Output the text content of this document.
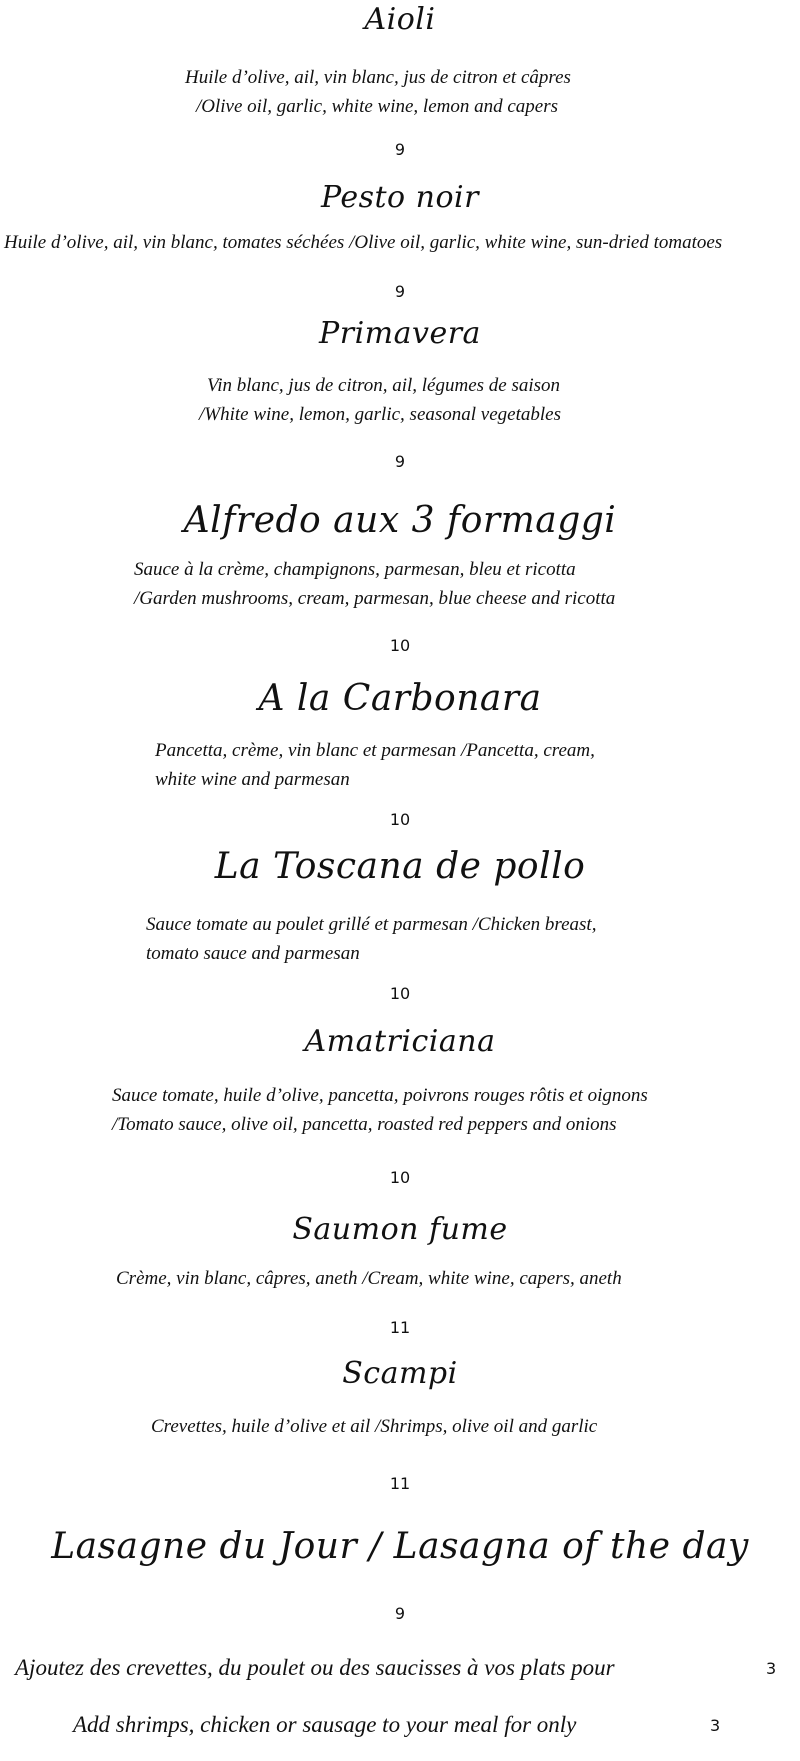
Aioli
Huile d’olive, ail, vin blanc, jus de citron et câpres
/Olive oil, garlic, white wine, lemon and capers
9
Pesto noir
Huile d’olive, ail, vin blanc, tomates séchées /Olive oil, garlic, white wine, sun-dried tomatoes
9
Primavera
Vin blanc, jus de citron, ail, légumes de saison
/White wine, lemon, garlic, seasonal vegetables
9
Alfredo aux 3 formaggi
Sauce à la crème, champignons, parmesan, bleu et ricotta
/Garden mushrooms, cream, parmesan, blue cheese and ricotta
10
A la Carbonara
Pancetta, crème, vin blanc et parmesan /Pancetta, cream,
white wine and parmesan
10
La Toscana de pollo
Sauce tomate au poulet grillé et parmesan /Chicken breast,
tomato sauce and parmesan
10
Amatriciana
Sauce tomate, huile d’olive, pancetta, poivrons rouges rôtis et oignons
/Tomato sauce, olive oil, pancetta, roasted red peppers and onions
10
Saumon fume
Crème, vin blanc, câpres, aneth /Cream, white wine, capers, aneth
11
Scampi
Crevettes, huile d’olive et ail /Shrimps, olive oil and garlic
11
Lasagne du Jour / Lasagna of the day
9
Ajoutez des crevettes, du poulet ou des saucisses à vos plats pour	3
Add shrimps, chicken or sausage to your meal for only	3
